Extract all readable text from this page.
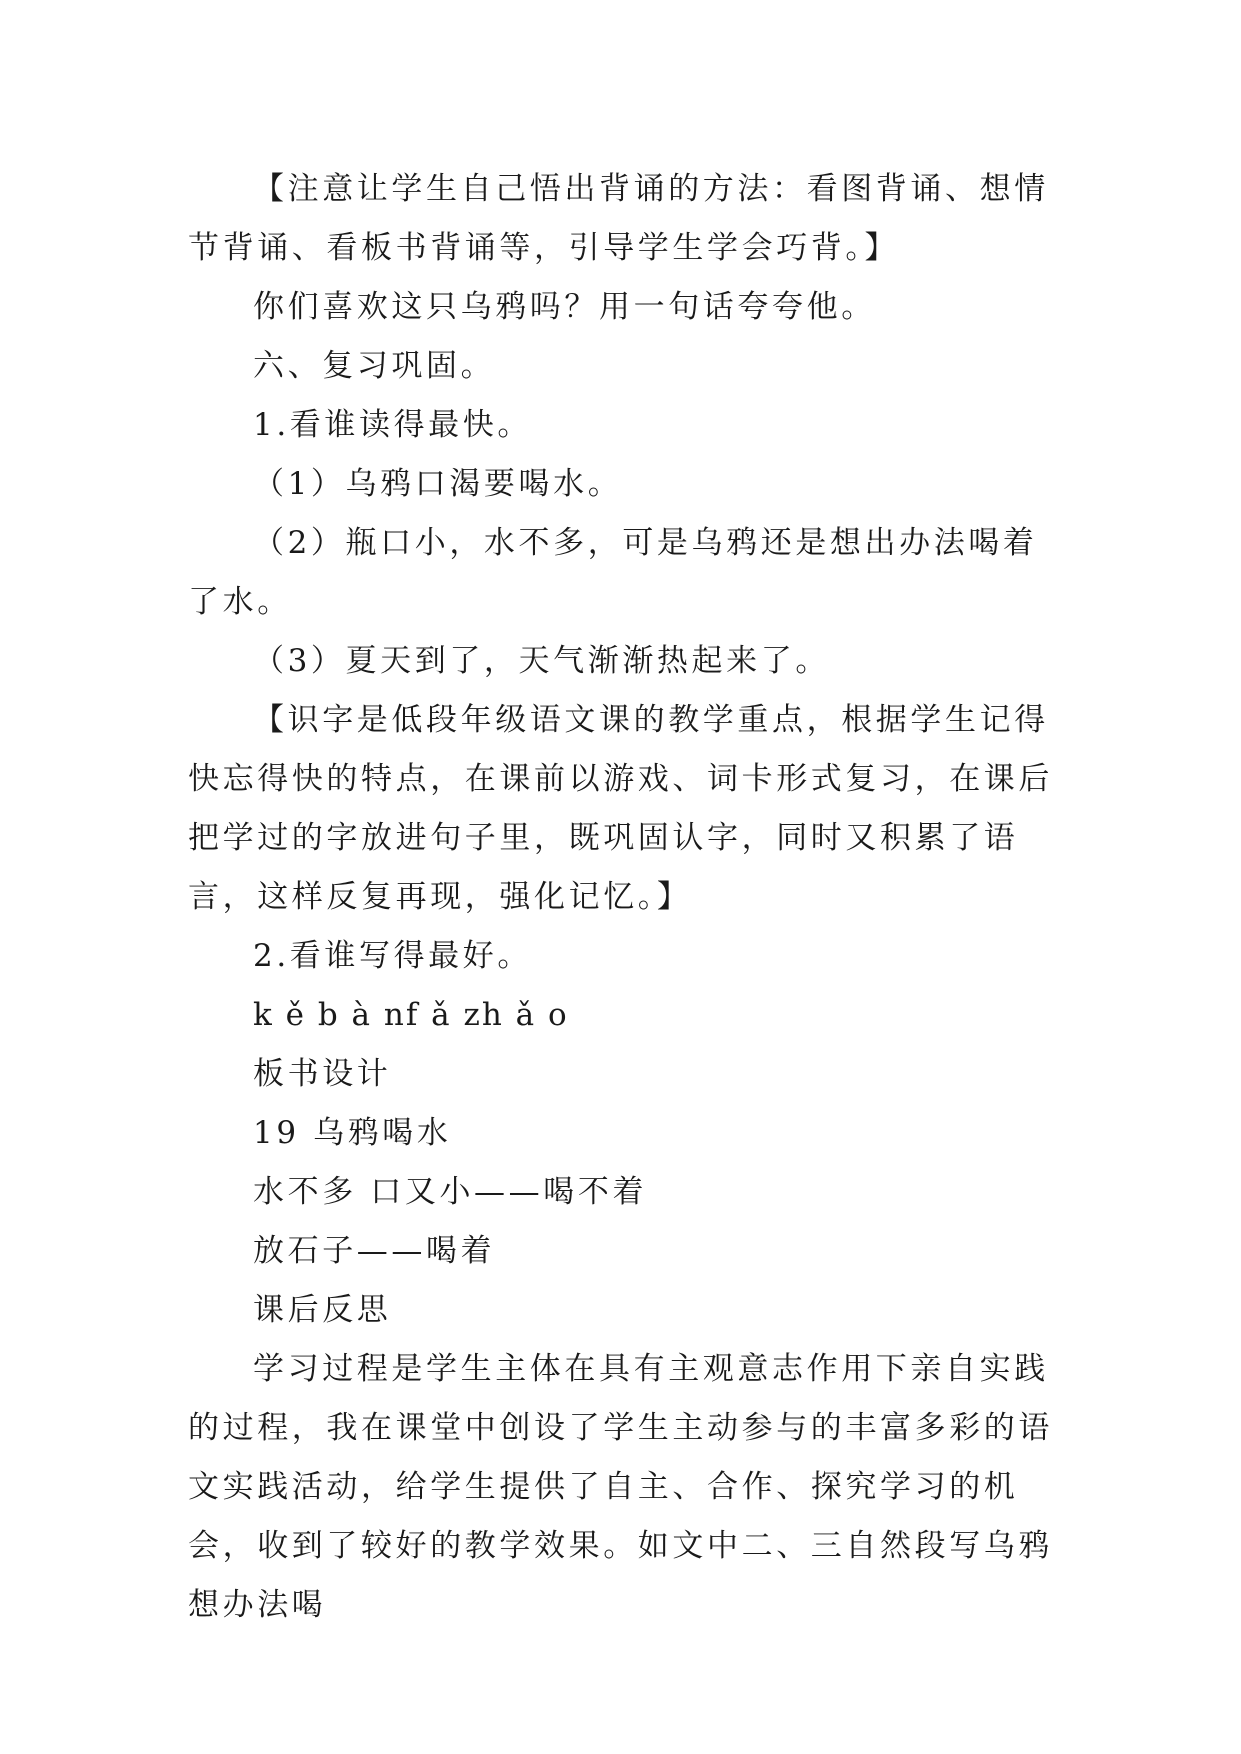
【注意让学生自己悟出背诵的方法：看图背诵、想情节背诵、看板书背诵等，引导学生学会巧背。】

你们喜欢这只乌鸦吗？用一句话夸夸他。

六、复习巩固。

1.看谁读得最快。

（1）乌鸦口渴要喝水。

（2）瓶口小，水不多，可是乌鸦还是想出办法喝着了水。

（3）夏天到了，天气渐渐热起来了。

【识字是低段年级语文课的教学重点，根据学生记得快忘得快的特点，在课前以游戏、词卡形式复习，在课后把学过的字放进句子里，既巩固认字，同时又积累了语言，这样反复再现，强化记忆。】

2.看谁写得最好。

k ě b à nf ǎ zh ǎ o

板书设计

19 乌鸦喝水

水不多 口又小——喝不着

放石子——喝着

课后反思

学习过程是学生主体在具有主观意志作用下亲自实践的过程，我在课堂中创设了学生主动参与的丰富多彩的语文实践活动，给学生提供了自主、合作、探究学习的机会，收到了较好的教学效果。如文中二、三自然段写乌鸦想办法喝
